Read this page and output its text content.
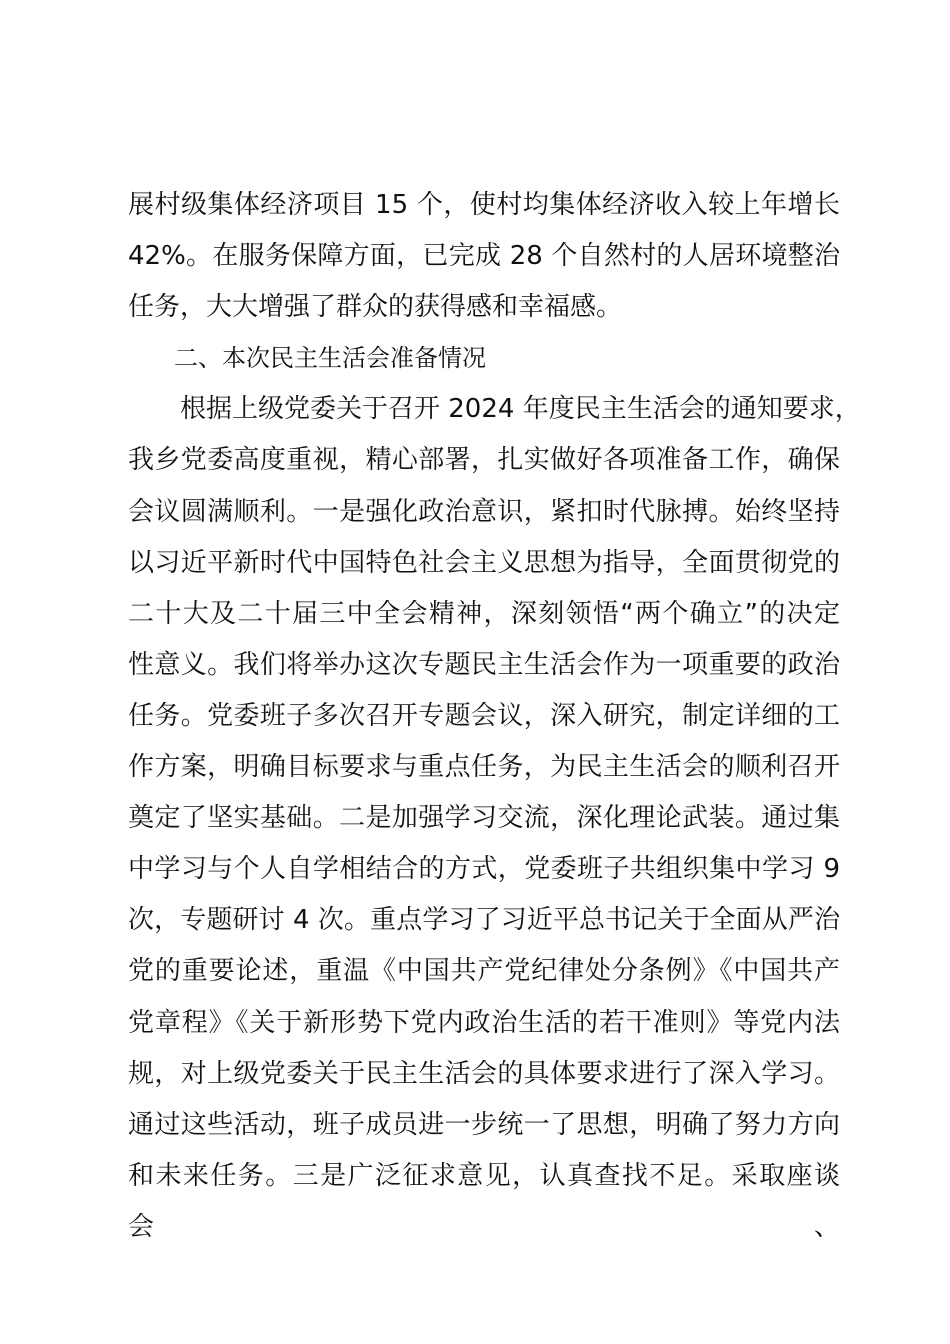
展村级集体经济项目 15 个，使村均集体经济收入较上年增长
42%。在服务保障方面，已完成 28 个自然村的人居环境整治
任务，大大增强了群众的获得感和幸福感。
二、本次民主生活会准备情况
根据上级党委关于召开 2024 年度民主生活会的通知要求，
我乡党委高度重视，精心部署，扎实做好各项准备工作，确保
会议圆满顺利。一是强化政治意识，紧扣时代脉搏。始终坚持
以习近平新时代中国特色社会主义思想为指导，全面贯彻党的
二十大及二十届三中全会精神，深刻领悟“两个确立”的决定
性意义。我们将举办这次专题民主生活会作为一项重要的政治
任务。党委班子多次召开专题会议，深入研究，制定详细的工
作方案，明确目标要求与重点任务，为民主生活会的顺利召开
奠定了坚实基础。二是加强学习交流，深化理论武装。通过集
中学习与个人自学相结合的方式，党委班子共组织集中学习 9
次，专题研讨 4 次。重点学习了习近平总书记关于全面从严治
党的重要论述，重温《中国共产党纪律处分条例》《中国共产
党章程》《关于新形势下党内政治生活的若干准则》等党内法
规，对上级党委关于民主生活会的具体要求进行了深入学习。
通过这些活动，班子成员进一步统一了思想，明确了努力方向
和未来任务。三是广泛征求意见，认真查找不足。采取座谈会、
